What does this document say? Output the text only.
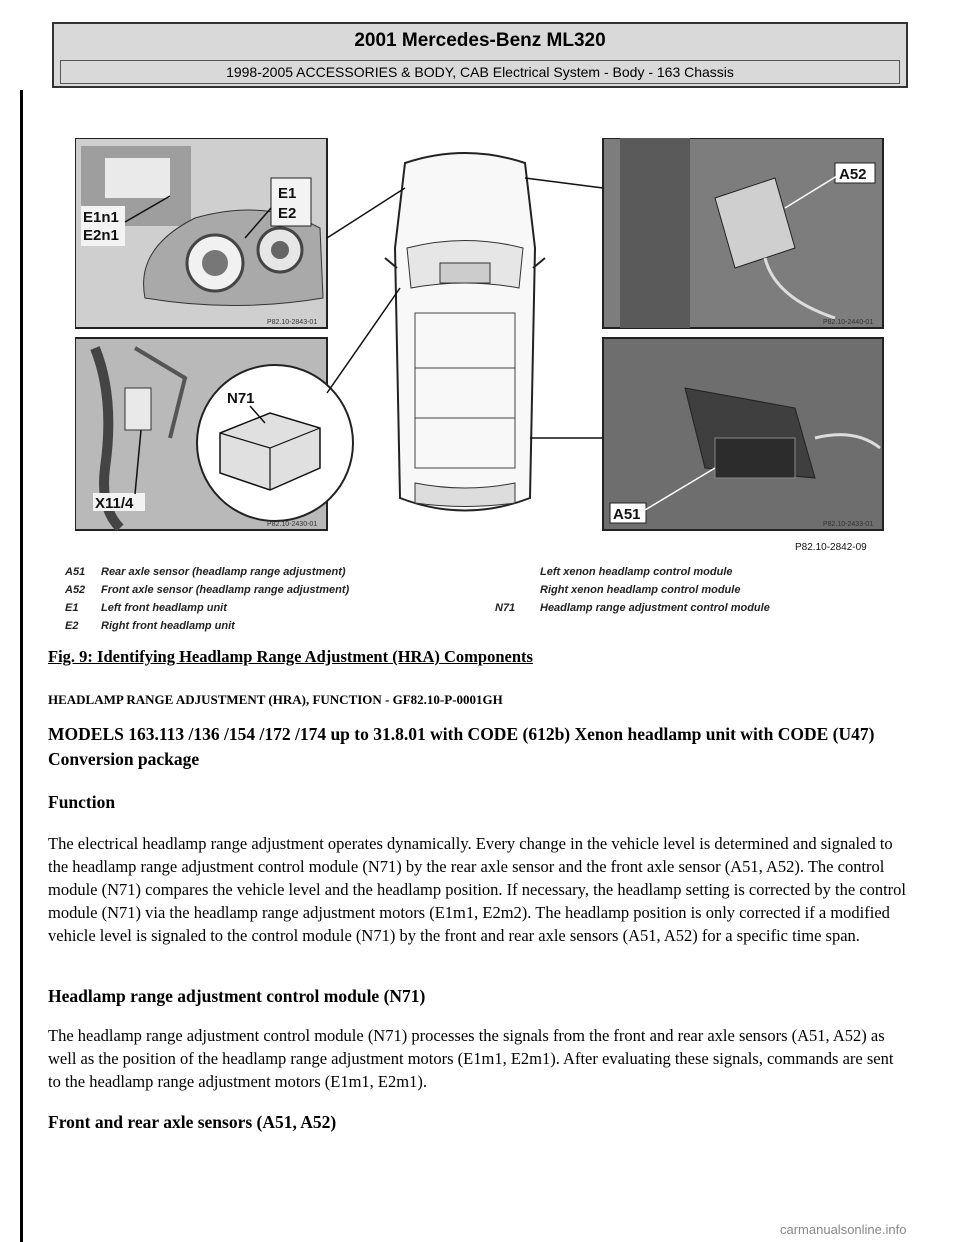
2001 Mercedes-Benz ML320
1998-2005 ACCESSORIES & BODY, CAB Electrical System - Body - 163 Chassis
E1
E2
E1n1
E2n1
P82.10-2843-01
N71
X11/4
P82.10-2430-01
A52
P82.10-2440-01
A51
P82.10-2433-01
P82.10-2842-09
A51 Rear axle sensor (headlamp range adjustment)	Left xenon headlamp control module
A52 Front axle sensor (headlamp range adjustment)	Right xenon headlamp control module
E1 Left front headlamp unit	N71 Headlamp range adjustment control module
E2 Right front headlamp unit
Fig. 9: Identifying Headlamp Range Adjustment (HRA) Components
HEADLAMP RANGE ADJUSTMENT (HRA), FUNCTION - GF82.10-P-0001GH
MODELS 163.113 /136 /154 /172 /174 up to 31.8.01 with CODE (612b) Xenon headlamp unit with CODE (U47) Conversion package
Function
The electrical headlamp range adjustment operates dynamically. Every change in the vehicle level is determined and signaled to the headlamp range adjustment control module (N71) by the rear axle sensor and the front axle sensor (A51, A52). The control module (N71) compares the vehicle level and the headlamp position. If necessary, the headlamp setting is corrected by the control module (N71) via the headlamp range adjustment motors (E1m1, E2m2). The headlamp position is only corrected if a modified vehicle level is signaled to the control module (N71) by the front and rear axle sensors (A51, A52) for a specific time span.
Headlamp range adjustment control module (N71)
The headlamp range adjustment control module (N71) processes the signals from the front and rear axle sensors (A51, A52) as well as the position of the headlamp range adjustment motors (E1m1, E2m1). After evaluating these signals, commands are sent to the headlamp range adjustment motors (E1m1, E2m1).
Front and rear axle sensors (A51, A52)
carmanualsonline.info
